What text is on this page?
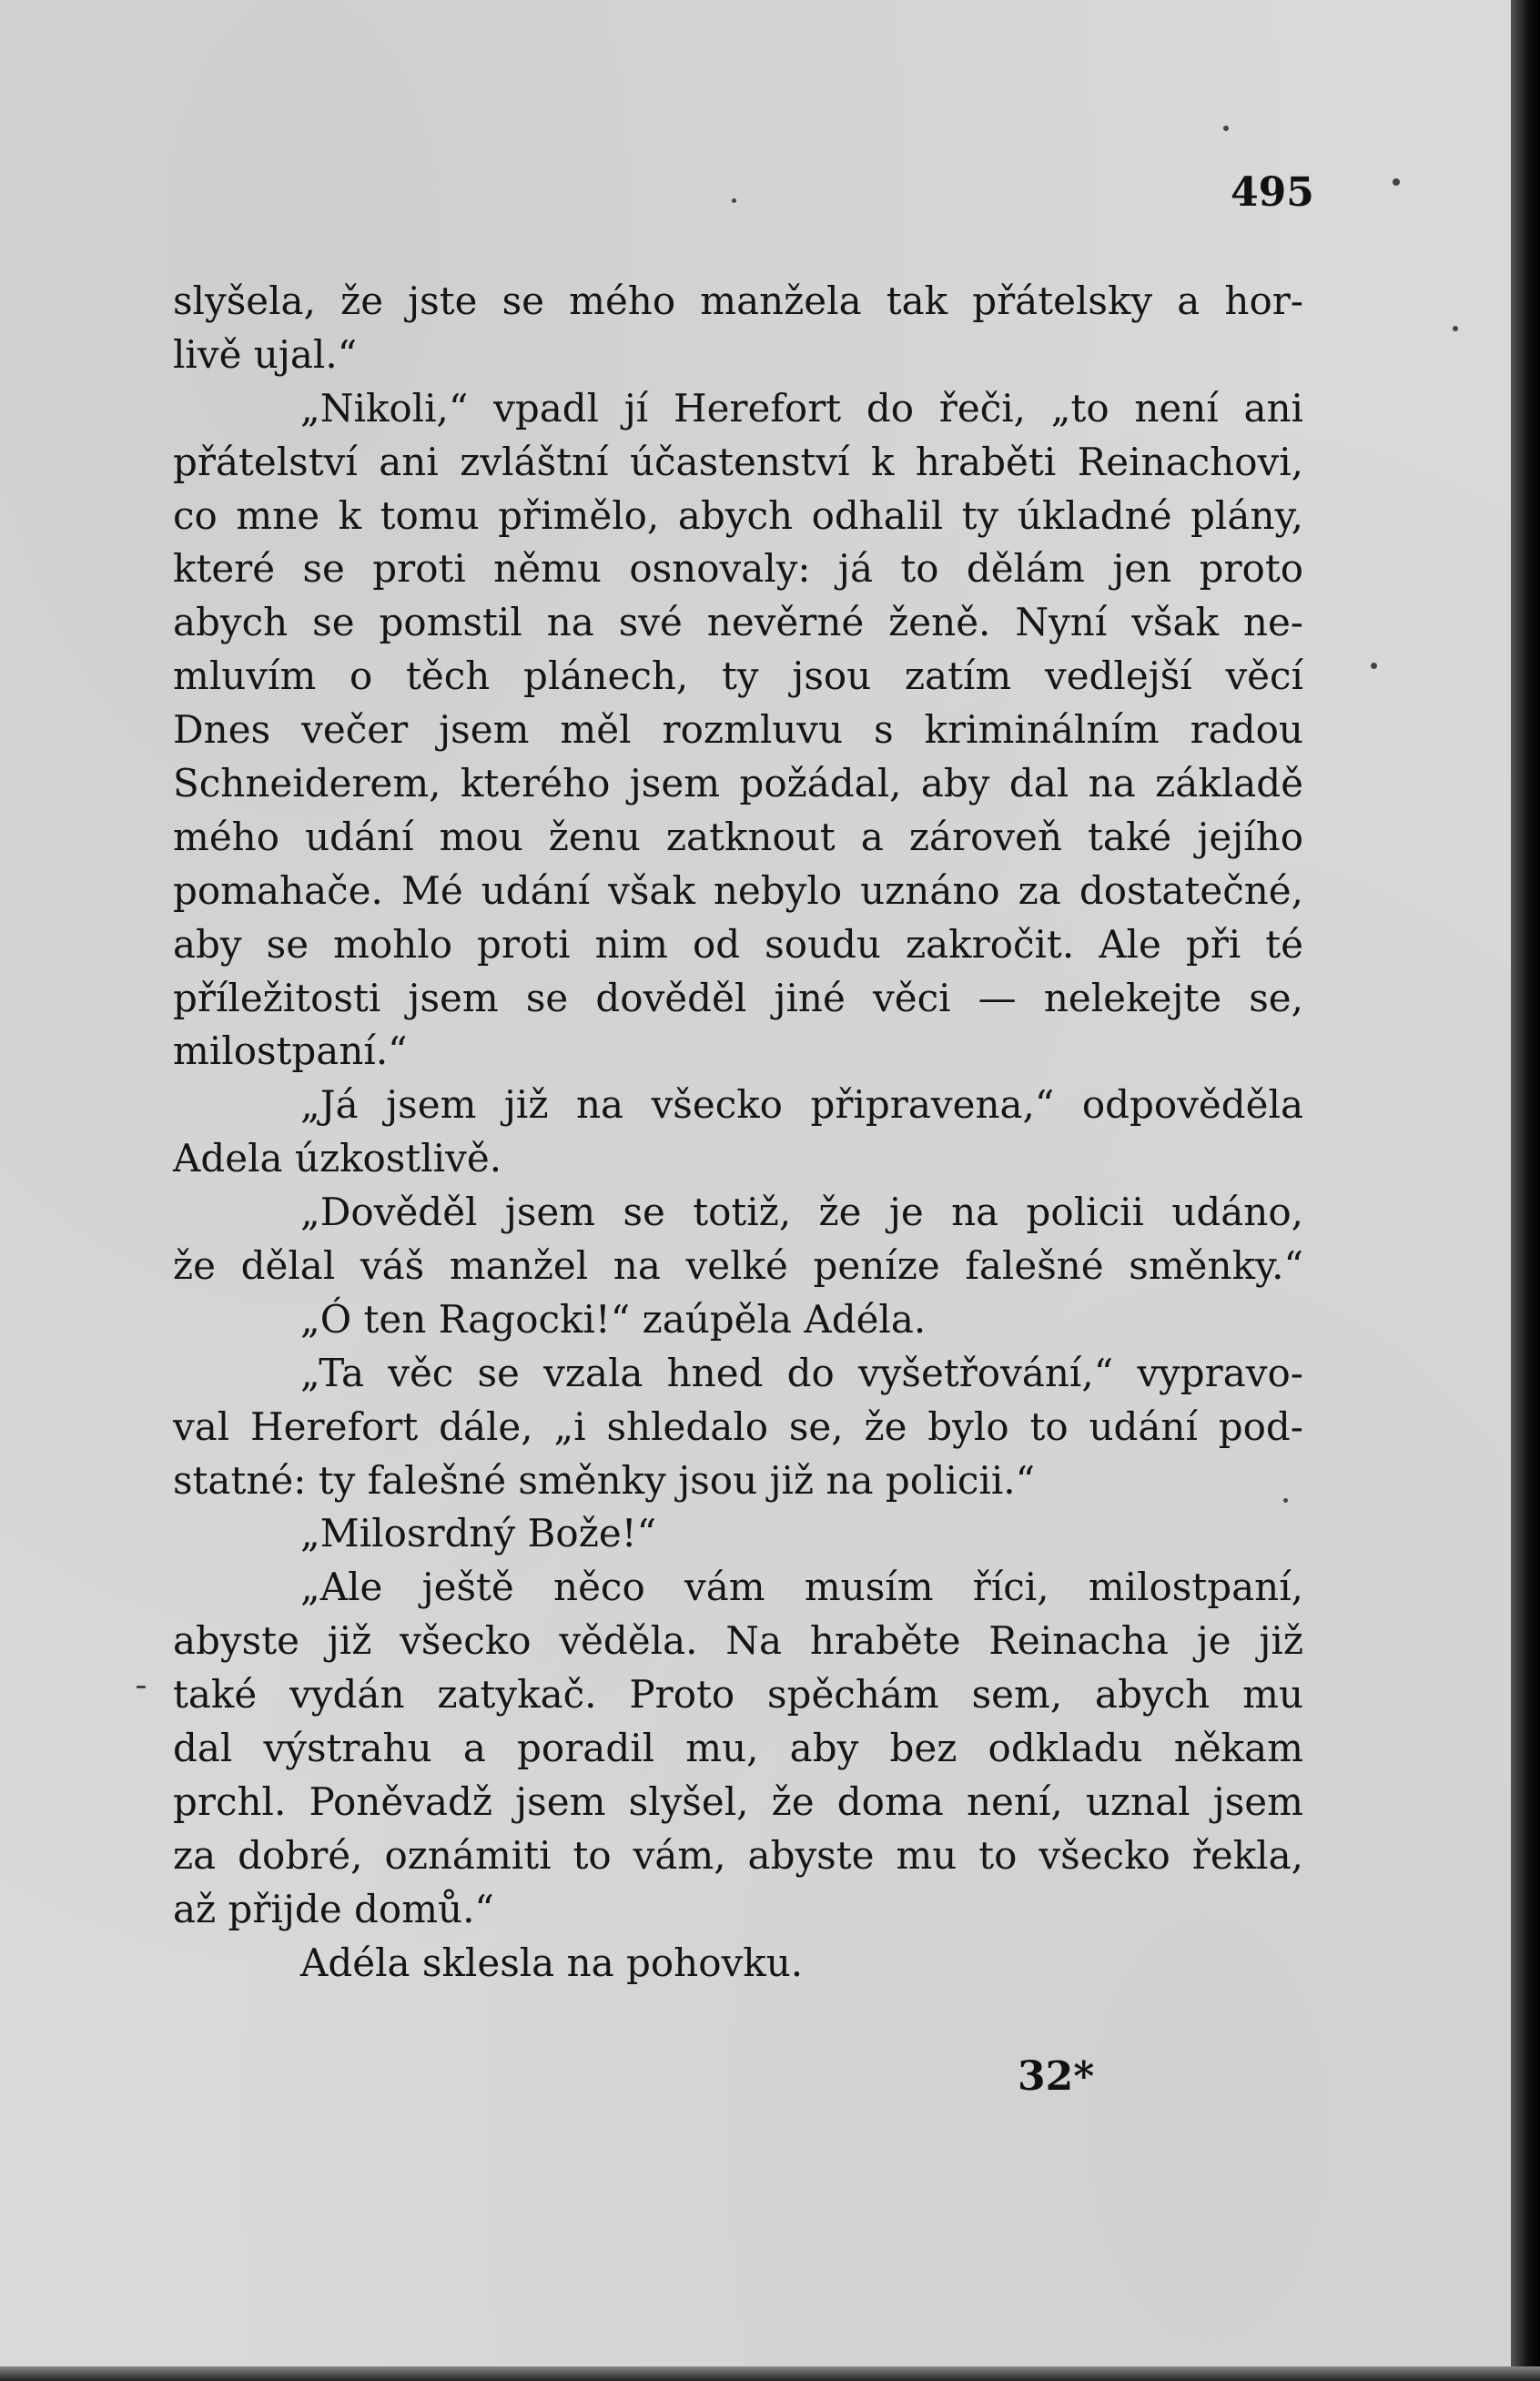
495
slyšela, že jste se mého manžela tak přátelsky a hor-
livě ujal.“
„Nikoli,“ vpadl jí Herefort do řeči, „to není ani
přátelství ani zvláštní účastenství k hraběti Reinachovi,
co mne k tomu přimělo, abych odhalil ty úkladné plány,
které se proti němu osnovaly: já to dělám jen proto
abych se pomstil na své nevěrné ženě. Nyní však ne-
mluvím o těch plánech, ty jsou zatím vedlejší věcí
Dnes večer jsem měl rozmluvu s kriminálním radou
Schneiderem, kterého jsem požádal, aby dal na základě
mého udání mou ženu zatknout a zároveň také jejího
pomahače. Mé udání však nebylo uznáno za dostatečné,
aby se mohlo proti nim od soudu zakročit. Ale při té
příležitosti jsem se dověděl jiné věci — nelekejte se,
milostpaní.“
„Já jsem již na všecko připravena,“ odpověděla
Adela úzkostlivě.
„Dověděl jsem se totiž, že je na policii udáno,
že dělal váš manžel na velké peníze falešné směnky.“
„Ó ten Ragocki!“ zaúpěla Adéla.
„Ta věc se vzala hned do vyšetřování,“ vypravo-
val Herefort dále, „i shledalo se, že bylo to udání pod-
statné: ty falešné směnky jsou již na policii.“
„Milosrdný Bože!“
„Ale ještě něco vám musím říci, milostpaní,
abyste již všecko věděla. Na hraběte Reinacha je již
také vydán zatykač. Proto spěchám sem, abych mu
dal výstrahu a poradil mu, aby bez odkladu někam
prchl. Poněvadž jsem slyšel, že doma není, uznal jsem
za dobré, oznámiti to vám, abyste mu to všecko řekla,
až přijde domů.“
Adéla sklesla na pohovku.
32*
